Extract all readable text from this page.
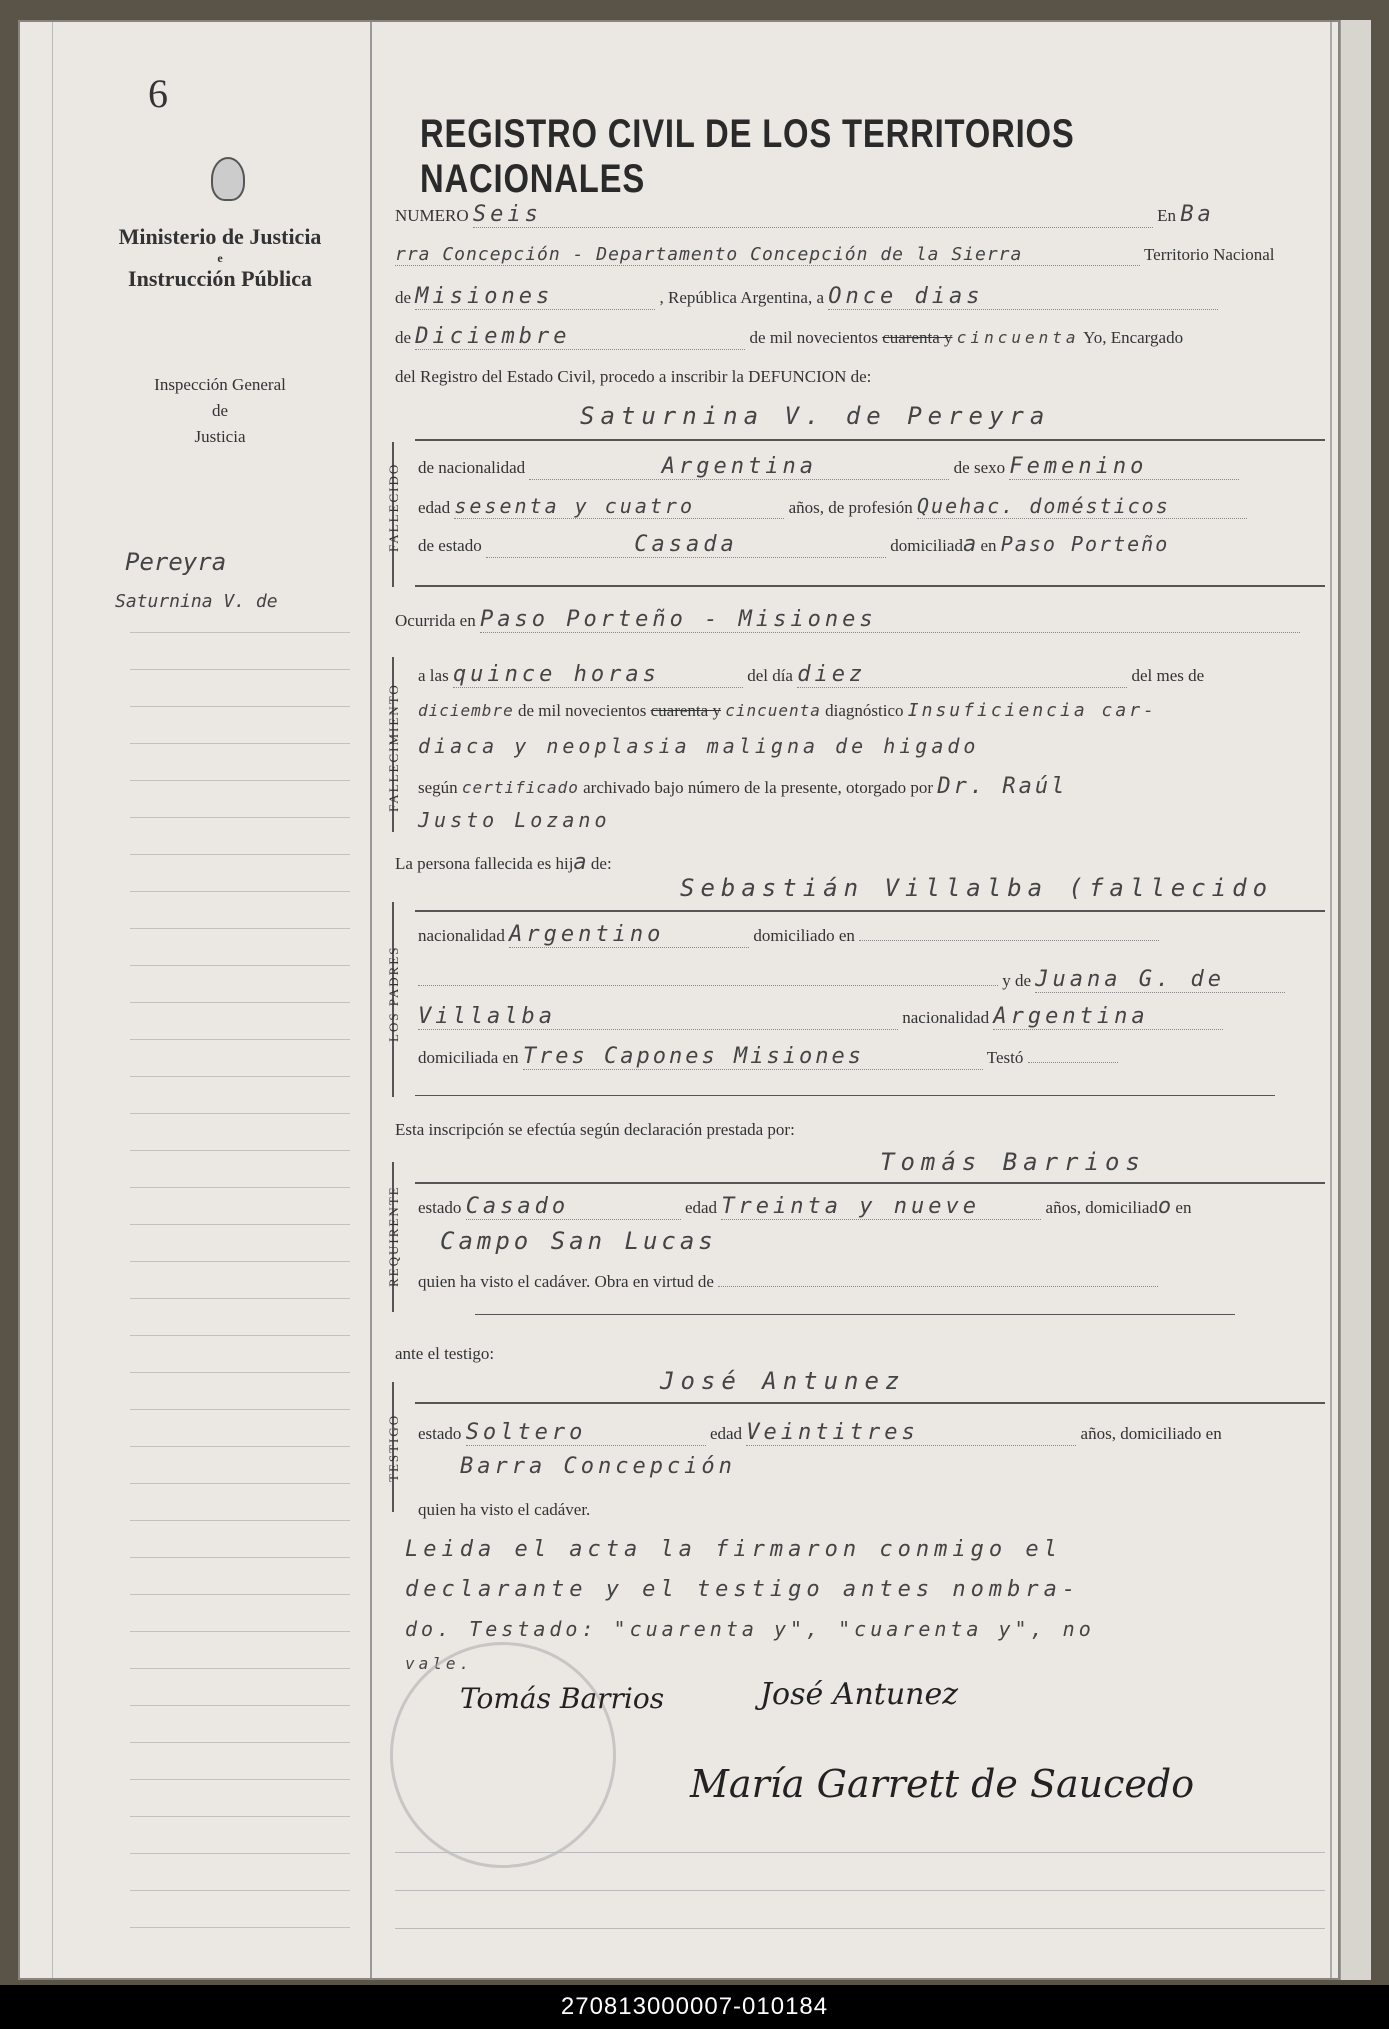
6
Ministerio de Justicia
e
Instrucción Pública
Inspección General
de
Justicia
Pereyra
Saturnina V. de
REGISTRO CIVIL DE LOS TERRITORIOS NACIONALES
NUMERO Seis	En Ba
rra Concepción - Departamento Concepción de la Sierra	Territorio Nacional
de Misiones	, República Argentina, a Once dias
de Diciembre	de mil novecientos cuarenta y cincuenta Yo, Encargado
del Registro del Estado Civil, procedo a inscribir la DEFUNCION de:
FALLECIDO
Saturnina V. de Pereyra
de nacionalidad	Argentina	de sexo Femenino
edad sesenta y cuatro	años, de profesión Quehac. domésticos
de estado	Casada	domiciliada en Paso Porteño
Ocurrida en Paso Porteño - Misiones
FALLECIMIENTO
a las quince horas	del día diez	del mes de
diciembre de mil novecientos cuarenta y cincuenta diagnóstico Insuficiencia car-
diaca y neoplasia maligna de higado
según certificado archivado bajo número de la presente, otorgado por Dr. Raúl
Justo Lozano
La persona fallecida es hija de:
LOS PADRES
Sebastián Villalba (fallecido
nacionalidad Argentino	domiciliado en
y de Juana G. de
Villalba	nacionalidad Argentina
domiciliada en Tres Capones Misiones	Testó
Esta inscripción se efectúa según declaración prestada por:
REQUIRENTE
Tomás Barrios
estado Casado	edad Treinta y nueve	años, domiciliado en
Campo San Lucas
quien ha visto el cadáver. Obra en virtud de
ante el testigo:
TESTIGO
José Antunez
estado Soltero	edad Veintitres	años, domiciliado en
Barra Concepción
quien ha visto el cadáver.
Leida el acta la firmaron conmigo el
declarante y el testigo antes nombra-
do. Testado: "cuarenta y", "cuarenta y", no
vale.
Tomás Barrios	José Antunez
María Garrett de Saucedo
270813000007-010184
